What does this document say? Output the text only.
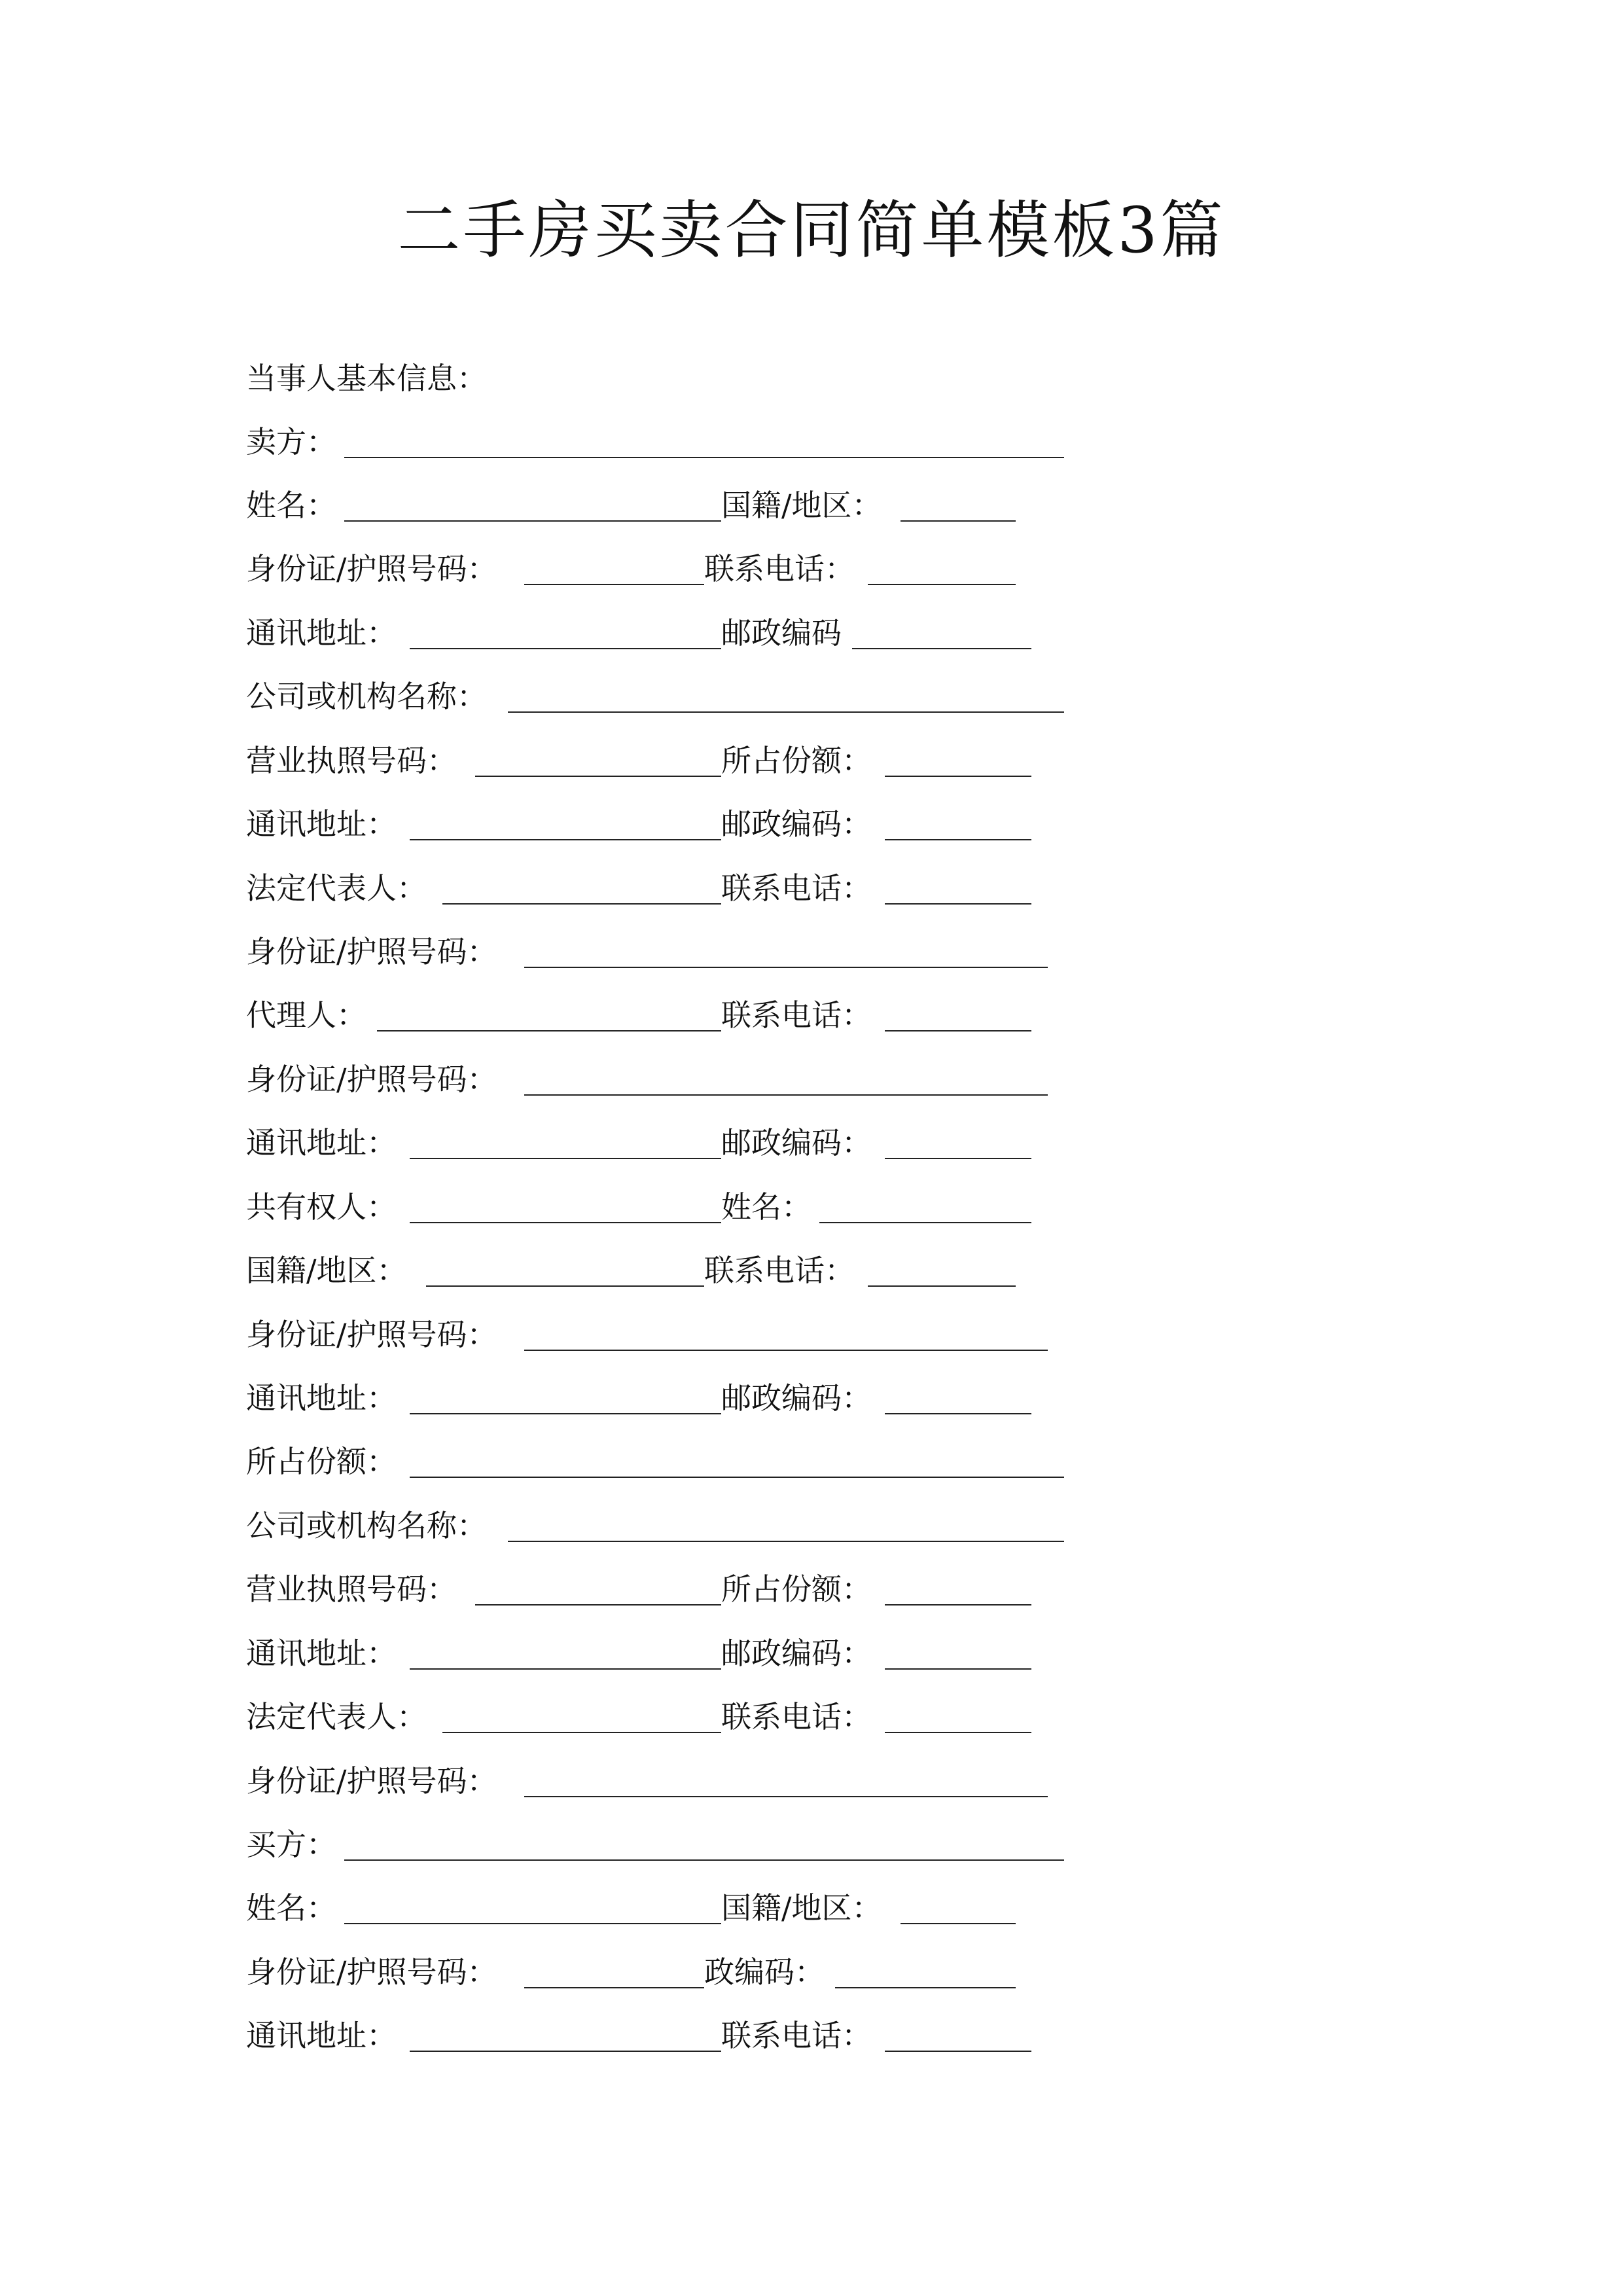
二手房买卖合同简单模板3篇
当事人基本信息：
卖方：
姓名：	国籍/地区：
身份证/护照号码：	联系电话：
通讯地址：	邮政编码
公司或机构名称：
营业执照号码：	所占份额：
通讯地址：	邮政编码：
法定代表人：	联系电话：
身份证/护照号码：
代理人：	联系电话：
身份证/护照号码：
通讯地址：	邮政编码：
共有权人：	姓名：
国籍/地区：	联系电话：
身份证/护照号码：
通讯地址：	邮政编码：
所占份额：
公司或机构名称：
营业执照号码：	所占份额：
通讯地址：	邮政编码：
法定代表人：	联系电话：
身份证/护照号码：
买方：
姓名：	国籍/地区：
身份证/护照号码：	政编码：
通讯地址：	联系电话：
